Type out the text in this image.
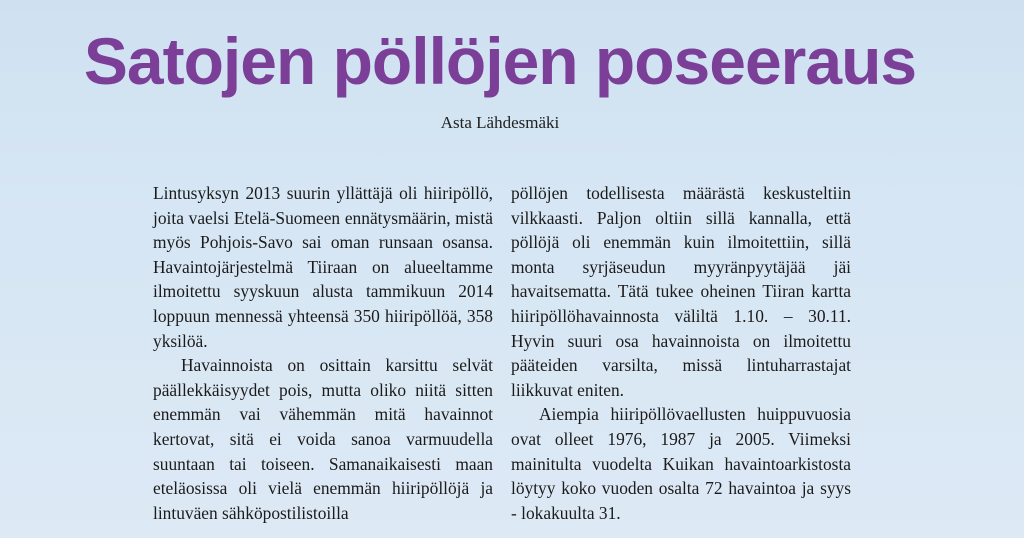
Satojen pöllöjen poseeraus
Asta Lähdesmäki

Lintusyksyn 2013 suurin yllättäjä oli hiiripöllö, joita vaelsi Etelä-Suomeen ennätysmäärin, mistä myös Pohjois-Savo sai oman runsaan osansa. Havaintojärjestelmä Tiiraan on alueeltamme ilmoitettu syyskuun alusta tammikuun 2014 loppuun mennessä yhteensä 350 hiiripöllöä, 358 yksilöä.

Havainnoista on osittain karsittu selvät päällekkäisyydet pois, mutta oliko niitä sitten enemmän vai vähemmän mitä havainnot kertovat, sitä ei voida sanoa varmuudella suuntaan tai toiseen. Samanaikaisesti maan eteläosissa oli vielä enemmän hiiripöllöjä ja lintuväen sähköpostilistoilla

pöllöjen todellisesta määrästä keskusteltiin vilkkaasti. Paljon oltiin sillä kannalla, että pöllöjä oli enemmän kuin ilmoitettiin, sillä monta syrjäseudun myyränpyytäjää jäi havaitsematta. Tätä tukee oheinen Tiiran kartta hiiripöllöhavainnosta väliltä 1.10. – 30.11. Hyvin suuri osa havainnoista on ilmoitettu pääteiden varsilta, missä lintuharrastajat liikkuvat eniten.

Aiempia hiiripöllövaellusten huippuvuosia ovat olleet 1976, 1987 ja 2005. Viimeksi mainitulta vuodelta Kuikan havaintoarkistosta löytyy koko vuoden osalta 72 havaintoa ja syys - lokakuulta 31.
